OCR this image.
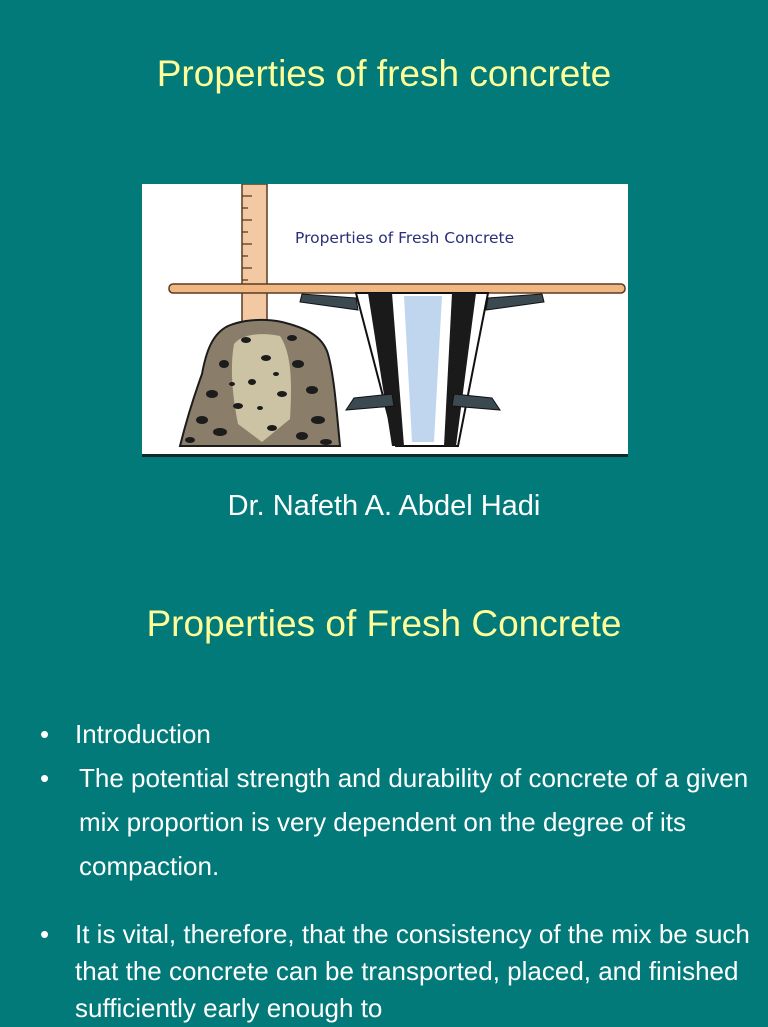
Properties of fresh concrete
Properties of Fresh Concrete
Dr. Nafeth A. Abdel Hadi
Properties of Fresh Concrete
• Introduction
• The potential strength and durability of concrete of a given mix proportion is very dependent on the degree of its compaction.
• It is vital, therefore, that the consistency of the mix be such that the concrete can be transported, placed, and finished sufficiently early enough to
